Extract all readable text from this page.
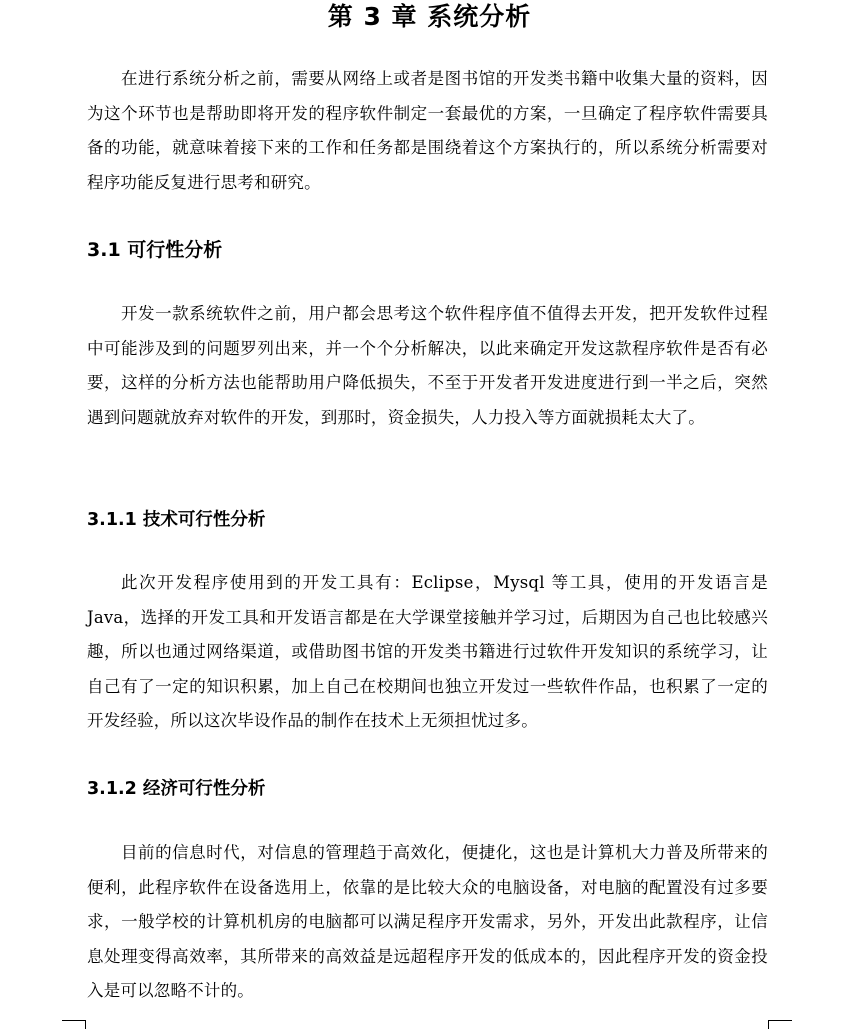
第 3 章 系统分析

在进行系统分析之前，需要从网络上或者是图书馆的开发类书籍中收集大量的资料，因为这个环节也是帮助即将开发的程序软件制定一套最优的方案，一旦确定了程序软件需要具备的功能，就意味着接下来的工作和任务都是围绕着这个方案执行的，所以系统分析需要对程序功能反复进行思考和研究。

3.1 可行性分析

开发一款系统软件之前，用户都会思考这个软件程序值不值得去开发，把开发软件过程中可能涉及到的问题罗列出来，并一个个分析解决，以此来确定开发这款程序软件是否有必要，这样的分析方法也能帮助用户降低损失，不至于开发者开发进度进行到一半之后，突然遇到问题就放弃对软件的开发，到那时，资金损失，人力投入等方面就损耗太大了。

3.1.1 技术可行性分析

此次开发程序使用到的开发工具有：Eclipse，Mysql 等工具，使用的开发语言是 Java，选择的开发工具和开发语言都是在大学课堂接触并学习过，后期因为自己也比较感兴趣，所以也通过网络渠道，或借助图书馆的开发类书籍进行过软件开发知识的系统学习，让自己有了一定的知识积累，加上自己在校期间也独立开发过一些软件作品，也积累了一定的开发经验，所以这次毕设作品的制作在技术上无须担忧过多。

3.1.2 经济可行性分析

目前的信息时代，对信息的管理趋于高效化，便捷化，这也是计算机大力普及所带来的便利，此程序软件在设备选用上，依靠的是比较大众的电脑设备，对电脑的配置没有过多要求，一般学校的计算机机房的电脑都可以满足程序开发需求，另外，开发出此款程序，让信息处理变得高效率，其所带来的高效益是远超程序开发的低成本的，因此程序开发的资金投入是可以忽略不计的。
